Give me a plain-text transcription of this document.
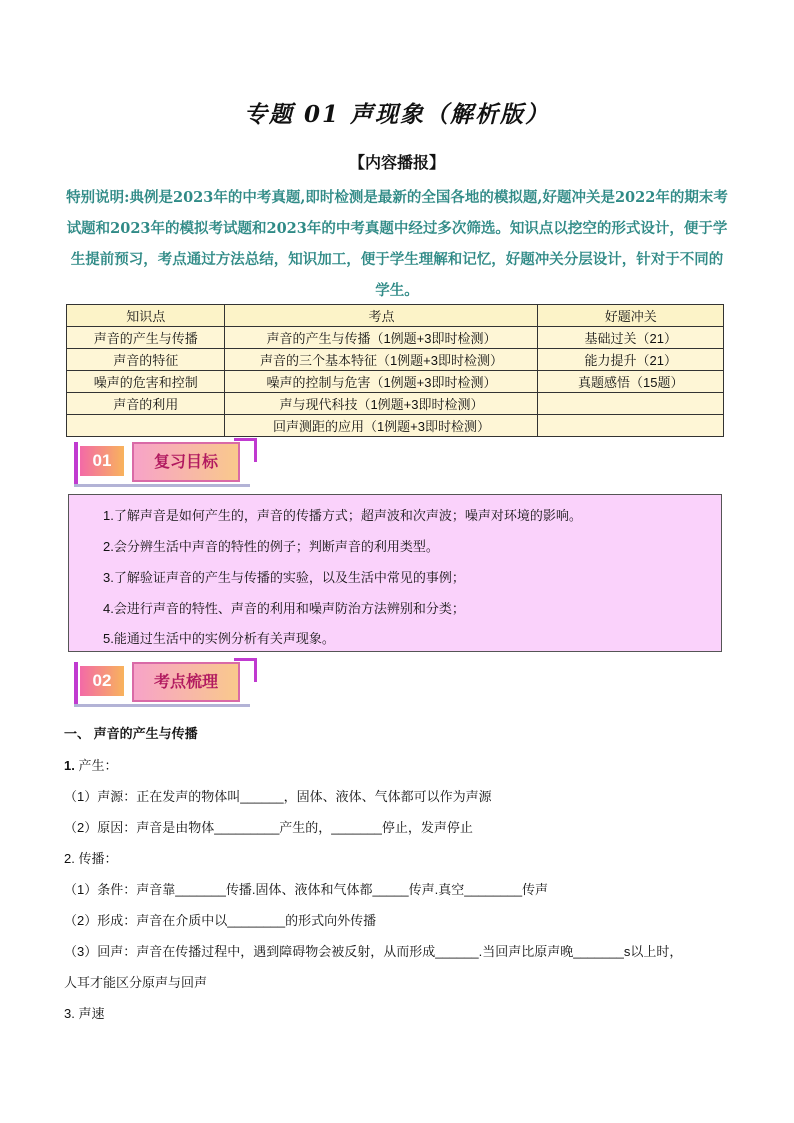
专题 01 声现象（解析版）
【内容播报】
特别说明:典例是2023年的中考真题,即时检测是最新的全国各地的模拟题,好题冲关是2022年的期末考试题和2023年的模拟考试题和2023年的中考真题中经过多次筛选。知识点以挖空的形式设计，便于学生提前预习，考点通过方法总结，知识加工，便于学生理解和记忆，好题冲关分层设计，针对于不同的学生。
知识点	考点	好题冲关
声音的产生与传播	声音的产生与传播（1例题+3即时检测）	基础过关（21）
声音的特征	声音的三个基本特征（1例题+3即时检测）	能力提升（21）
噪声的危害和控制	噪声的控制与危害（1例题+3即时检测）	真题感悟（15题）
声音的利用	声与现代科技（1例题+3即时检测）	
	回声测距的应用（1例题+3即时检测）	
01	复习目标
1.了解声音是如何产生的，声音的传播方式；超声波和次声波；噪声对环境的影响。
2.会分辨生活中声音的特性的例子；判断声音的利用类型。
3.了解验证声音的产生与传播的实验，以及生活中常见的事例；
4.会进行声音的特性、声音的利用和噪声防治方法辨别和分类；
5.能通过生活中的实例分析有关声现象。
02	考点梳理
一、 声音的产生与传播
1. 产生：
（1）声源：正在发声的物体叫______，固体、液体、气体都可以作为声源
（2）原因：声音是由物体_________产生的，_______停止，发声停止
2. 传播：
（1）条件：声音靠_______传播.固体、液体和气体都_____传声.真空________传声
（2）形成：声音在介质中以________的形式向外传播
（3）回声：声音在传播过程中，遇到障碍物会被反射，从而形成______.当回声比原声晚_______s以上时，
人耳才能区分原声与回声
3. 声速
